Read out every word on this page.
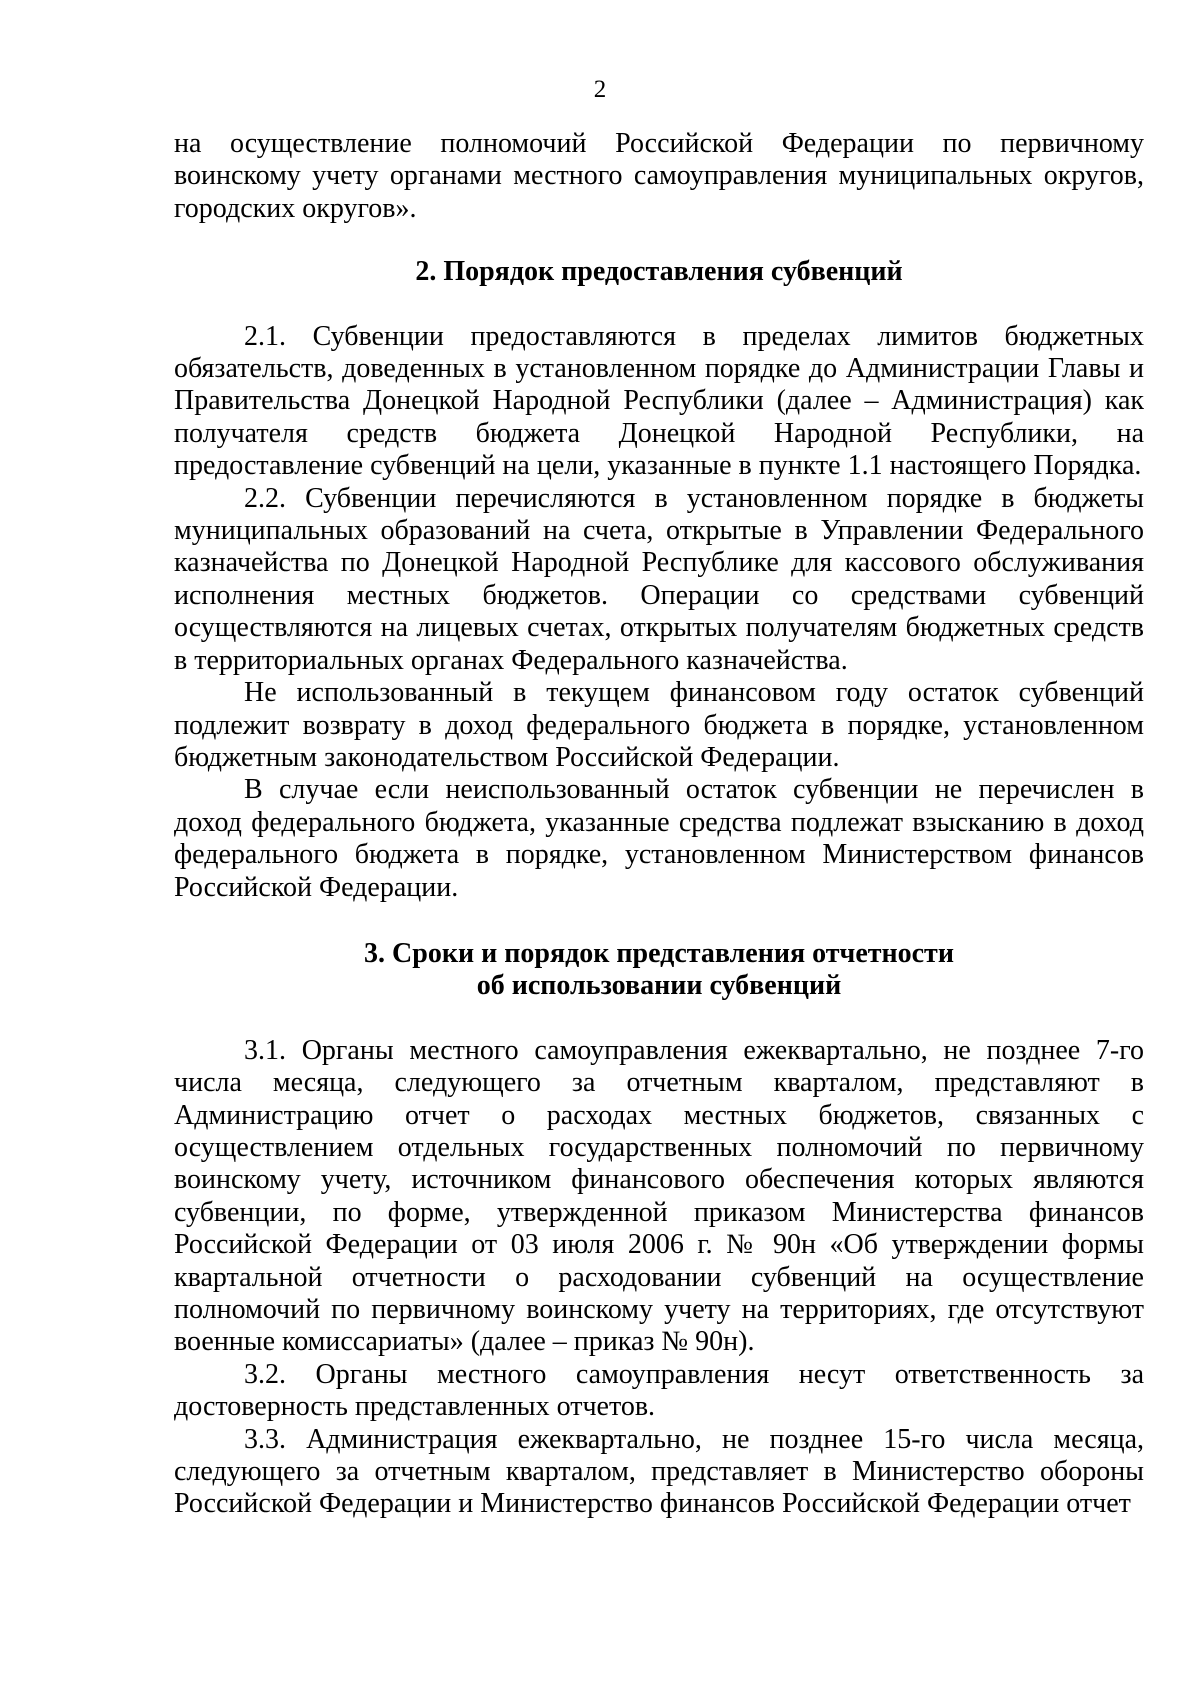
2

на осуществление полномочий Российской Федерации по первичному воинскому учету органами местного самоуправления муниципальных округов, городских округов».

2. Порядок предоставления субвенций

2.1. Субвенции предоставляются в пределах лимитов бюджетных обязательств, доведенных в установленном порядке до Администрации Главы и Правительства Донецкой Народной Республики (далее – Администрация) как получателя средств бюджета Донецкой Народной Республики, на предоставление субвенций на цели, указанные в пункте 1.1 настоящего Порядка.

2.2. Субвенции перечисляются в установленном порядке в бюджеты муниципальных образований на счета, открытые в Управлении Федерального казначейства по Донецкой Народной Республике для кассового обслуживания исполнения местных бюджетов. Операции со средствами субвенций осуществляются на лицевых счетах, открытых получателям бюджетных средств в территориальных органах Федерального казначейства.

Не использованный в текущем финансовом году остаток субвенций подлежит возврату в доход федерального бюджета в порядке, установленном бюджетным законодательством Российской Федерации.

В случае если неиспользованный остаток субвенции не перечислен в доход федерального бюджета, указанные средства подлежат взысканию в доход федерального бюджета в порядке, установленном Министерством финансов Российской Федерации.

3. Сроки и порядок представления отчетности
об использовании субвенций

3.1. Органы местного самоуправления ежеквартально, не позднее 7-го числа месяца, следующего за отчетным кварталом, представляют в Администрацию отчет о расходах местных бюджетов, связанных с осуществлением отдельных государственных полномочий по первичному воинскому учету, источником финансового обеспечения которых являются субвенции, по форме, утвержденной приказом Министерства финансов Российской Федерации от 03 июля 2006 г. № 90н «Об утверждении формы квартальной отчетности о расходовании субвенций на осуществление полномочий по первичному воинскому учету на территориях, где отсутствуют военные комиссариаты» (далее – приказ № 90н).

3.2. Органы местного самоуправления несут ответственность за достоверность представленных отчетов.

3.3. Администрация ежеквартально, не позднее 15-го числа месяца, следующего за отчетным кварталом, представляет в Министерство обороны Российской Федерации и Министерство финансов Российской Федерации отчет
